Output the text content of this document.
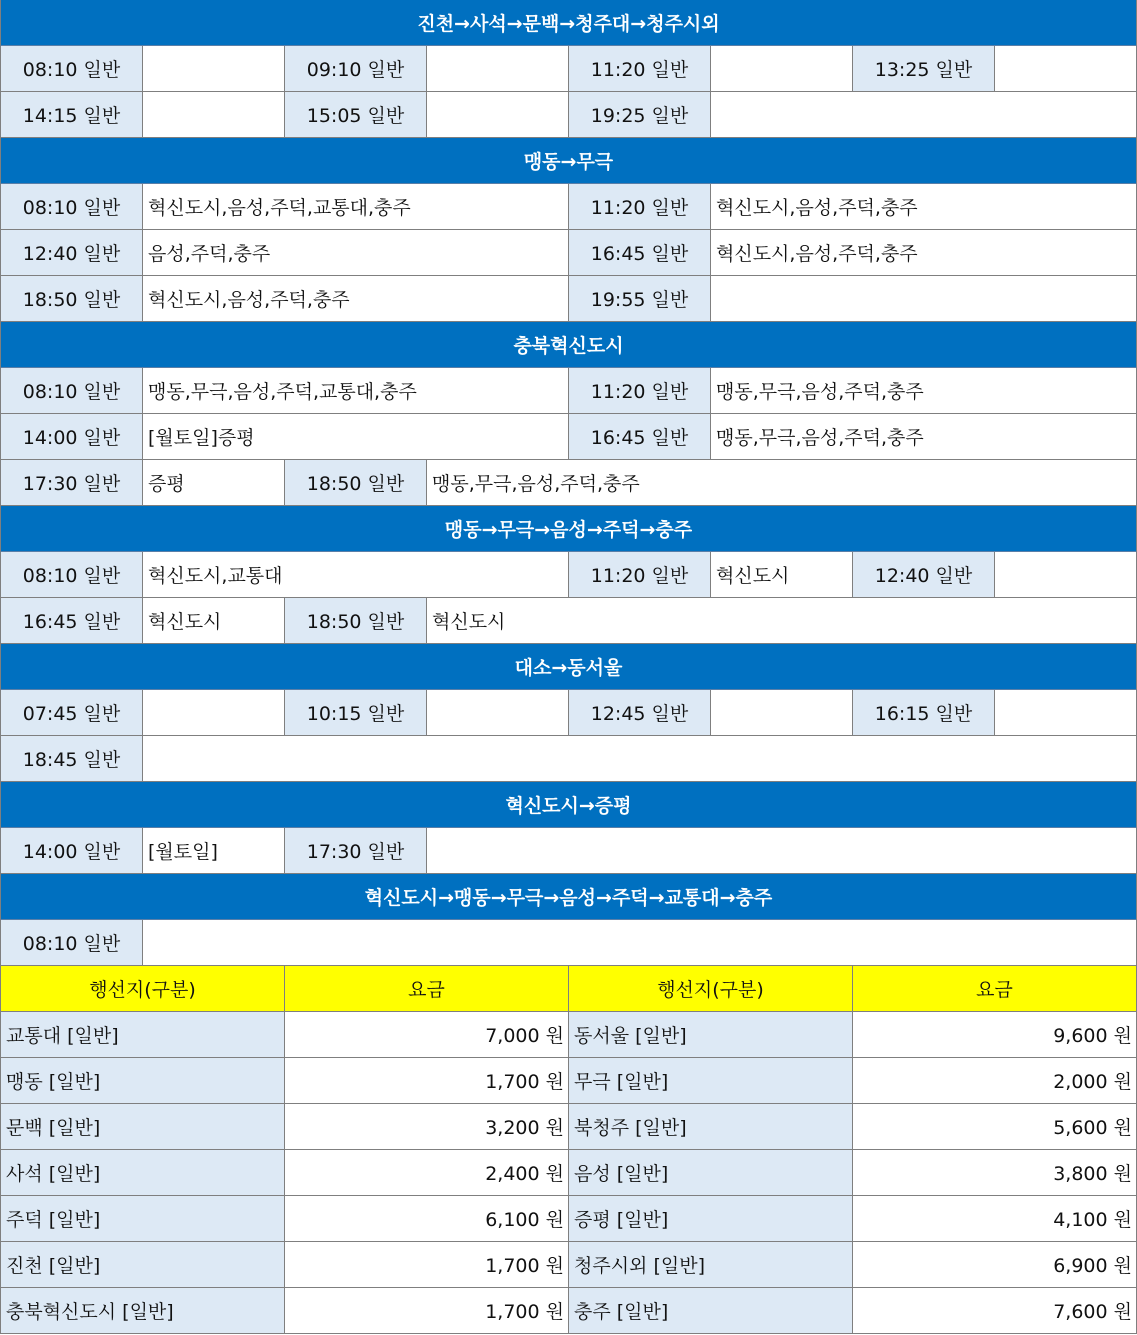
진천→사석→문백→청주대→청주시외
08:10 일반	09:10 일반	11:20 일반	13:25 일반
14:15 일반	15:05 일반	19:25 일반
맹동→무극
08:10 일반	혁신도시,음성,주덕,교통대,충주	11:20 일반	혁신도시,음성,주덕,충주
12:40 일반	음성,주덕,충주	16:45 일반	혁신도시,음성,주덕,충주
18:50 일반	혁신도시,음성,주덕,충주	19:55 일반
충북혁신도시
08:10 일반	맹동,무극,음성,주덕,교통대,충주	11:20 일반	맹동,무극,음성,주덕,충주
14:00 일반	[월토일]증평	16:45 일반	맹동,무극,음성,주덕,충주
17:30 일반	증평	18:50 일반	맹동,무극,음성,주덕,충주
맹동→무극→음성→주덕→충주
08:10 일반	혁신도시,교통대	11:20 일반	혁신도시	12:40 일반
16:45 일반	혁신도시	18:50 일반	혁신도시
대소→동서울
07:45 일반	10:15 일반	12:45 일반	16:15 일반
18:45 일반
혁신도시→증평
14:00 일반	[월토일]	17:30 일반
혁신도시→맹동→무극→음성→주덕→교통대→충주
08:10 일반
행선지(구분)	요금	행선지(구분)	요금
교통대 [일반]	7,000 원 동서울 [일반]	9,600 원
맹동 [일반]	1,700 원 무극 [일반]	2,000 원
문백 [일반]	3,200 원 북청주 [일반]	5,600 원
사석 [일반]	2,400 원 음성 [일반]	3,800 원
주덕 [일반]	6,100 원 증평 [일반]	4,100 원
진천 [일반]	1,700 원 청주시외 [일반]	6,900 원
충북혁신도시 [일반]	1,700 원 충주 [일반]	7,600 원
